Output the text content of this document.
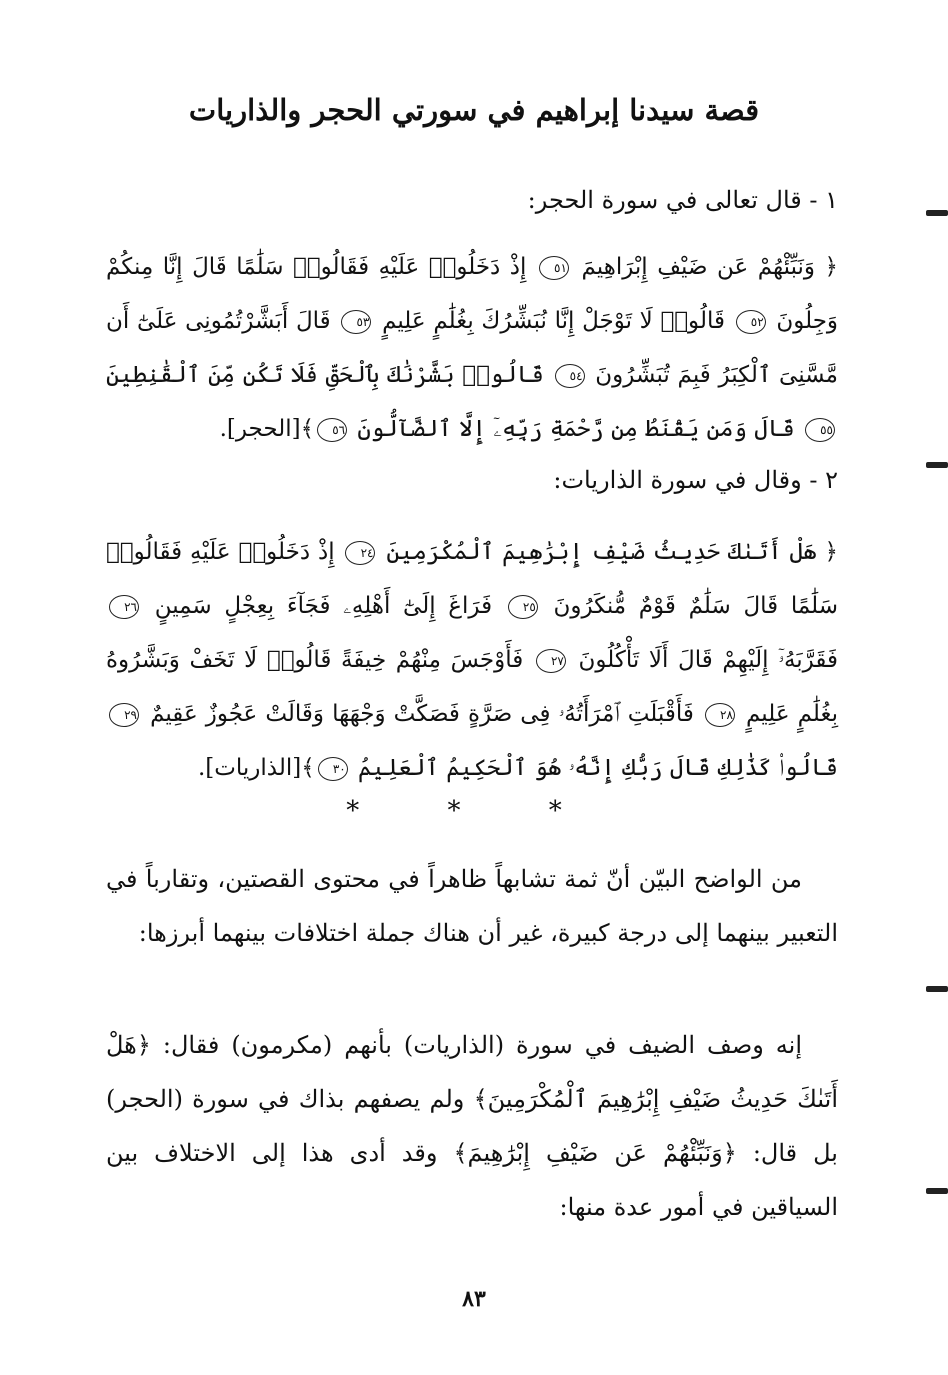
قصة سيدنا إبراهيم في سورتي الحجر والذاريات
١ - قال تعالى في سورة الحجر:
﴿ وَنَبِّئْهُمْ عَن ضَيْفِ إِبْرَاهِيمَ ٥١ إِذْ دَخَلُوا۟ عَلَيْهِ فَقَالُوا۟ سَلَٰمًا قَالَ إِنَّا مِنكُمْ وَجِلُونَ ٥٢ قَالُوا۟ لَا تَوْجَلْ إِنَّا نُبَشِّرُكَ بِغُلَٰمٍ عَلِيمٍ ٥٣ قَالَ أَبَشَّرْتُمُونِى عَلَىٰٓ أَن مَّسَّنِىَ ٱلْكِبَرُ فَبِمَ تُبَشِّرُونَ ٥٤ قَالُوا۟ بَشَّرْنَٰكَ بِٱلْحَقِّ فَلَا تَكُن مِّنَ ٱلْقَٰنِطِينَ ٥٥ قَالَ وَمَن يَقْنَطُ مِن رَّحْمَةِ رَبِّهِۦٓ إِلَّا ٱلضَّآلُّونَ ٥٦﴾[الحجر].
٢ - وقال في سورة الذاريات:
﴿ هَلْ أَتَىٰكَ حَدِيثُ ضَيْفِ إِبْرَٰهِيمَ ٱلْمُكْرَمِينَ ٢٤ إِذْ دَخَلُوا۟ عَلَيْهِ فَقَالُوا۟ سَلَٰمًا قَالَ سَلَٰمٌ قَوْمٌ مُّنكَرُونَ ٢٥ فَرَاغَ إِلَىٰٓ أَهْلِهِۦ فَجَآءَ بِعِجْلٍ سَمِينٍ ٢٦ فَقَرَّبَهُۥٓ إِلَيْهِمْ قَالَ أَلَا تَأْكُلُونَ ٢٧ فَأَوْجَسَ مِنْهُمْ خِيفَةً قَالُوا۟ لَا تَخَفْ وَبَشَّرُوهُ بِغُلَٰمٍ عَلِيمٍ ٢٨ فَأَقْبَلَتِ ٱمْرَأَتُهُۥ فِى صَرَّةٍ فَصَكَّتْ وَجْهَهَا وَقَالَتْ عَجُوزٌ عَقِيمٌ ٢٩ قَالُوا۟ كَذَٰلِكِ قَالَ رَبُّكِ إِنَّهُۥ هُوَ ٱلْحَكِيمُ ٱلْعَلِيمُ ٣٠﴾[الذاريات].
* * *
من الواضح البيّن أنّ ثمة تشابهاً ظاهراً في محتوى القصتين، وتقارباً في التعبير بينهما إلى درجة كبيرة، غير أن هناك جملة اختلافات بينهما أبرزها:
إنه وصف الضيف في سورة (الذاريات) بأنهم (مكرمون) فقال: ﴿هَلْ أَتَىٰكَ حَدِيثُ ضَيْفِ إِبْرَٰهِيمَ ٱلْمُكْرَمِينَ﴾ ولم يصفهم بذاك في سورة (الحجر) بل قال: ﴿وَنَبِّئْهُمْ عَن ضَيْفِ إِبْرَٰهِيمَ﴾ وقد أدى هذا إلى الاختلاف بين السياقين في أمور عدة منها:
٨٣
